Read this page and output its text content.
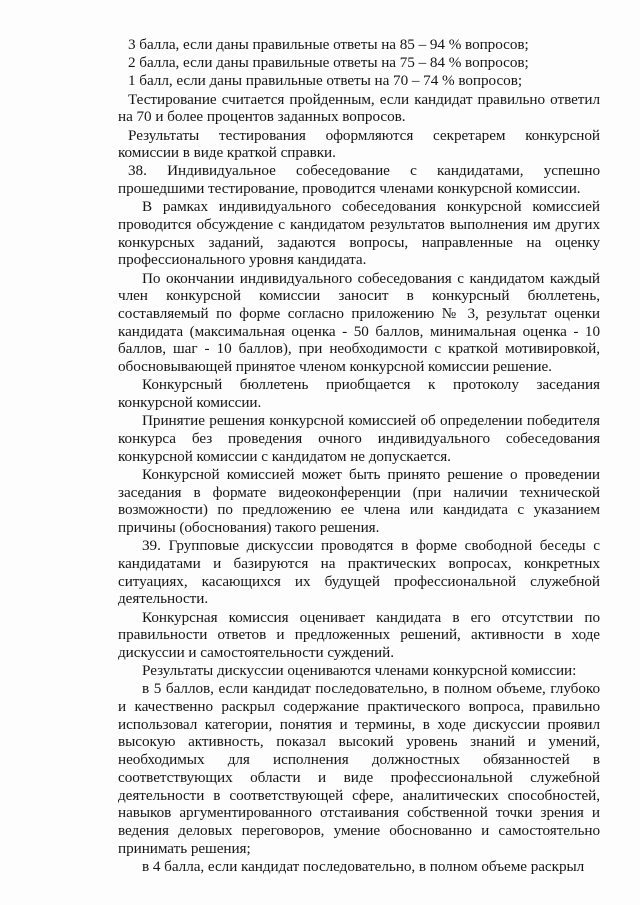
3 балла, если даны правильные ответы на 85 – 94 % вопросов;

2 балла, если даны правильные ответы на 75 – 84 % вопросов;

1 балл, если даны правильные ответы на 70 – 74 % вопросов;

Тестирование считается пройденным, если кандидат правильно ответил на 70 и более процентов заданных вопросов.

Результаты тестирования оформляются секретарем конкурсной комиссии в виде краткой справки.

38. Индивидуальное собеседование с кандидатами, успешно прошедшими тестирование, проводится членами конкурсной комиссии.

В рамках индивидуального собеседования конкурсной комиссией проводится обсуждение с кандидатом результатов выполнения им других конкурсных заданий, задаются вопросы, направленные на оценку профессионального уровня кандидата.

По окончании индивидуального собеседования с кандидатом каждый член конкурсной комиссии заносит в конкурсный бюллетень, составляемый по форме согласно приложению № 3, результат оценки кандидата (максимальная оценка - 50 баллов, минимальная оценка - 10 баллов, шаг - 10 баллов), при необходимости с краткой мотивировкой, обосновывающей принятое членом конкурсной комиссии решение.

Конкурсный бюллетень приобщается к протоколу заседания конкурсной комиссии.

Принятие решения конкурсной комиссией об определении победителя конкурса без проведения очного индивидуального собеседования конкурсной комиссии с кандидатом не допускается.

Конкурсной комиссией может быть принято решение о проведении заседания в формате видеоконференции (при наличии технической возможности) по предложению ее члена или кандидата с указанием причины (обоснования) такого решения.

39. Групповые дискуссии проводятся в форме свободной беседы с кандидатами и базируются на практических вопросах, конкретных ситуациях, касающихся их будущей профессиональной служебной деятельности.

Конкурсная комиссия оценивает кандидата в его отсутствии по правильности ответов и предложенных решений, активности в ходе дискуссии и самостоятельности суждений.

Результаты дискуссии оцениваются членами конкурсной комиссии:

в 5 баллов, если кандидат последовательно, в полном объеме, глубоко и качественно раскрыл содержание практического вопроса, правильно использовал категории, понятия и термины, в ходе дискуссии проявил высокую активность, показал высокий уровень знаний и умений, необходимых для исполнения должностных обязанностей в соответствующих области и виде профессиональной служебной деятельности в соответствующей сфере, аналитических способностей, навыков аргументированного отстаивания собственной точки зрения и ведения деловых переговоров, умение обоснованно и самостоятельно принимать решения;

в 4 балла, если кандидат последовательно, в полном объеме раскрыл
